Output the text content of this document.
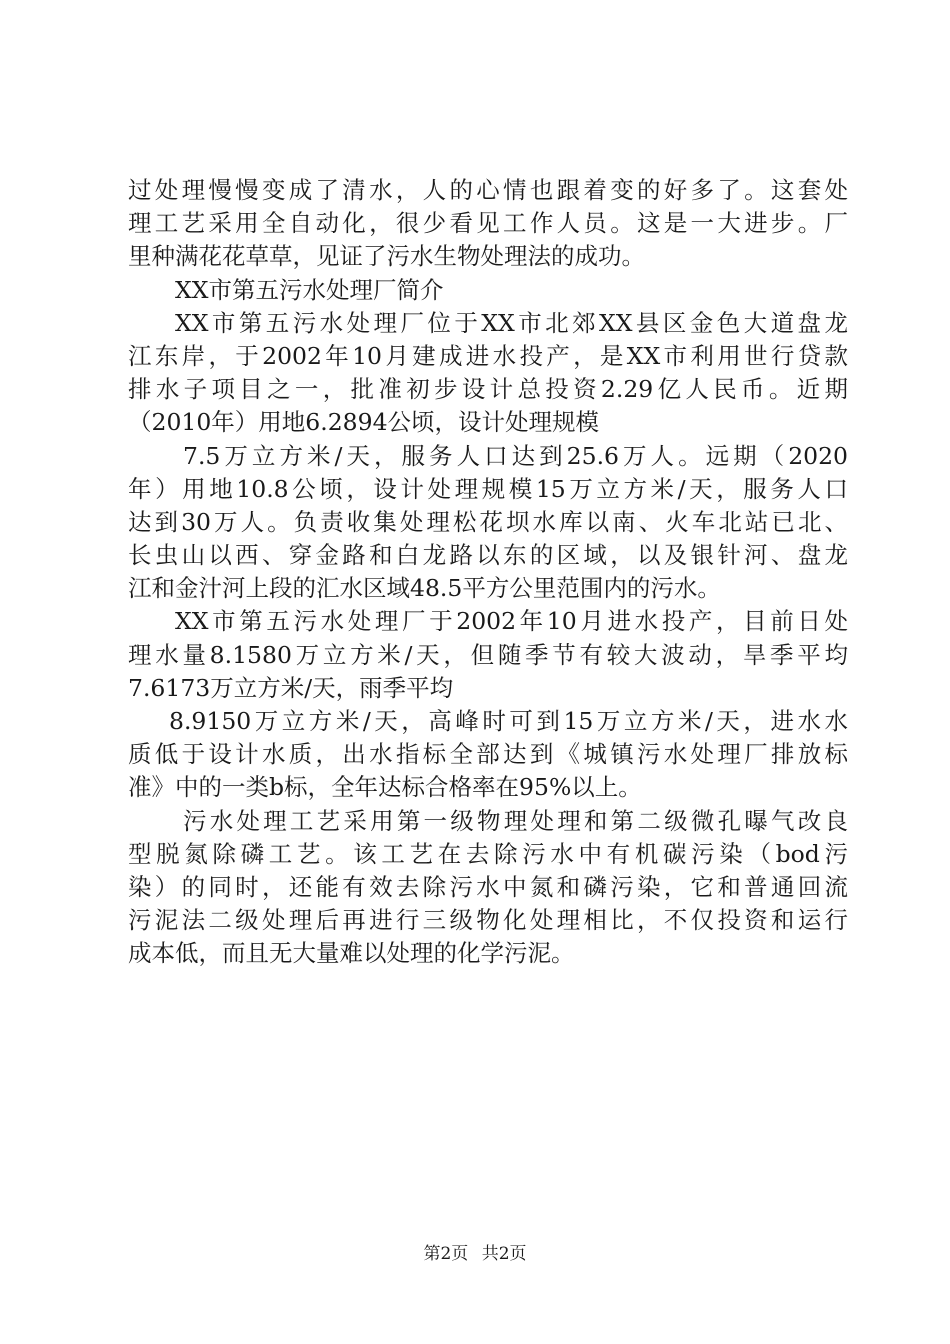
过处理慢慢变成了清水，人的心情也跟着变的好多了。这套处
理工艺采用全自动化，很少看见工作人员。这是一大进步。厂
里种满花花草草，见证了污水生物处理法的成功。
XX市第五污水处理厂简介
XX市第五污水处理厂位于XX市北郊XX县区金色大道盘龙
江东岸，于2002年10月建成进水投产，是XX市利用世行贷款
排水子项目之一，批准初步设计总投资2.29亿人民币。近期
（2010年）用地6.2894公顷，设计处理规模
7.5万立方米/天，服务人口达到25.6万人。远期（2020
年）用地10.8公顷，设计处理规模15万立方米/天，服务人口
达到30万人。负责收集处理松花坝水库以南、火车北站已北、
长虫山以西、穿金路和白龙路以东的区域，以及银针河、盘龙
江和金汁河上段的汇水区域48.5平方公里范围内的污水。
XX市第五污水处理厂于2002年10月进水投产，目前日处
理水量8.1580万立方米/天，但随季节有较大波动，旱季平均
7.6173万立方米/天，雨季平均
8.9150万立方米/天，高峰时可到15万立方米/天，进水水
质低于设计水质，出水指标全部达到《城镇污水处理厂排放标
准》中的一类b标，全年达标合格率在95%以上。
污水处理工艺采用第一级物理处理和第二级微孔曝气改良
型脱氮除磷工艺。该工艺在去除污水中有机碳污染（bod污
染）的同时，还能有效去除污水中氮和磷污染，它和普通回流
污泥法二级处理后再进行三级物化处理相比，不仅投资和运行
成本低，而且无大量难以处理的化学污泥。
第2页 共2页
